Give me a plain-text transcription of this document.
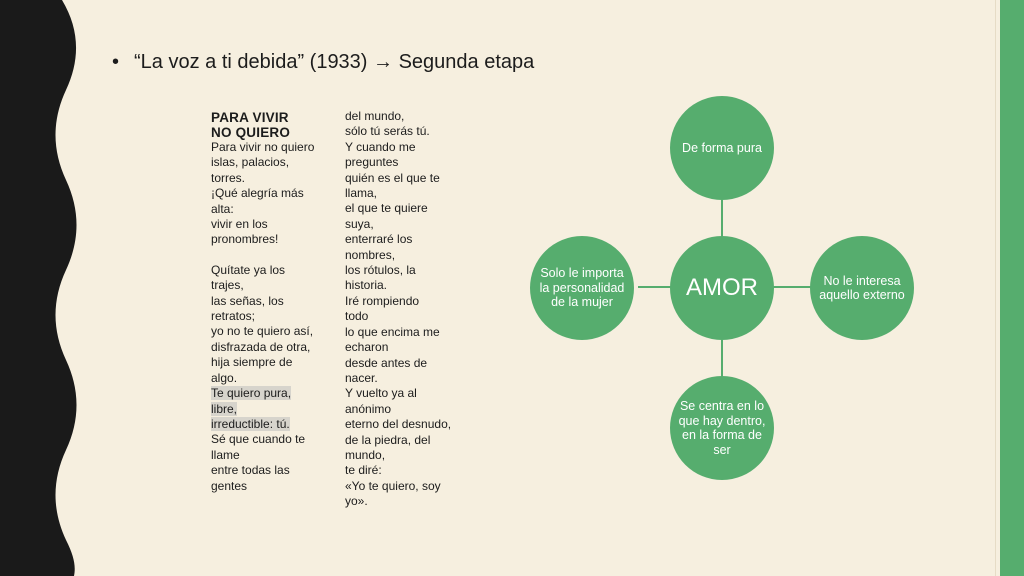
• “La voz a ti debida” (1933) → Segunda etapa
PARA VIVIR
NO QUIERO
Para vivir no quiero
islas, palacios,
torres.
¡Qué alegría más
alta:
vivir en los
pronombres!
Quítate ya los
trajes,
las señas, los
retratos;
yo no te quiero así,
disfrazada de otra,
hija siempre de
algo.
Te quiero pura,
libre,
irreductible: tú.
Sé que cuando te
llame
entre todas las
gentes
del mundo,
sólo tú serás tú.
Y cuando me
preguntes
quién es el que te
llama,
el que te quiere
suya,
enterraré los
nombres,
los rótulos, la
historia.
Iré rompiendo
todo
lo que encima me
echaron
desde antes de
nacer.
Y vuelto ya al
anónimo
eterno del desnudo,
de la piedra, del
mundo,
te diré:
«Yo te quiero, soy
yo».
De forma pura
AMOR	No le interesa aquello externo
Se centra en lo que hay dentro, en la forma de ser
Solo le importa la personalidad de la mujer
